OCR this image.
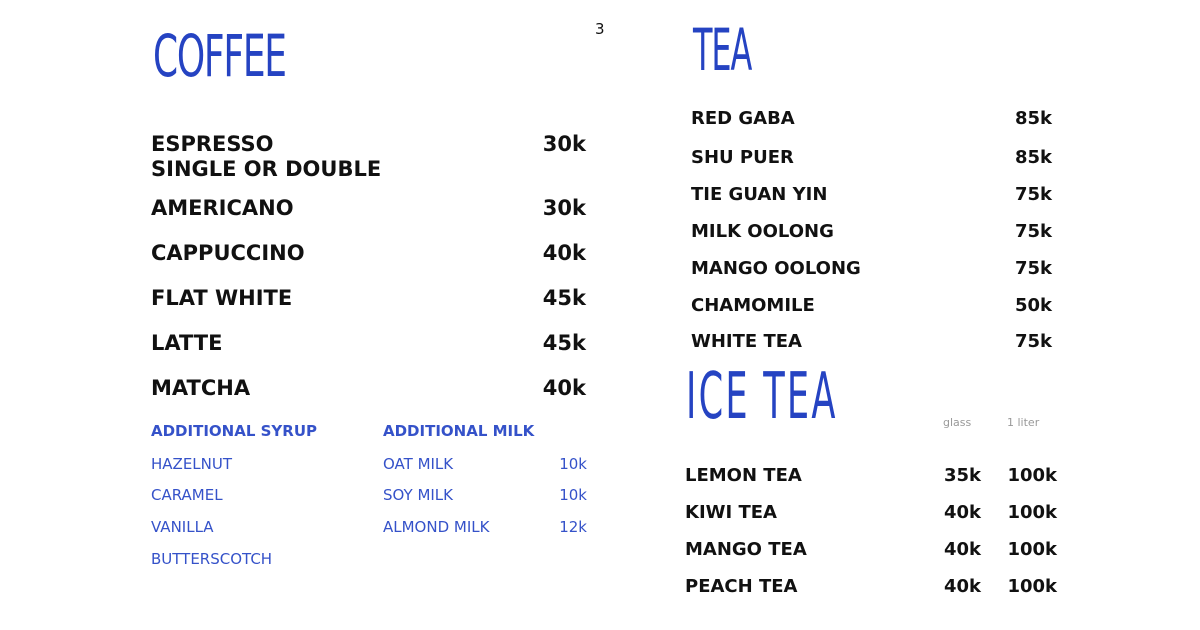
3
COFFEE
ESPRESSO	30k
SINGLE OR DOUBLE
AMERICANO	30k
CAPPUCCINO	40k
FLAT WHITE	45k
LATTE	45k
MATCHA	40k
ADDITIONAL SYRUP
HAZELNUT
CARAMEL
VANILLA
BUTTERSCOTCH
ADDITIONAL MILK
OAT MILK	10k
SOY MILK	10k
ALMOND MILK	12k
TEA
RED GABA	85k
SHU PUER	85k
TIE GUAN YIN	75k
MILK OOLONG	75k
MANGO OOLONG	75k
CHAMOMILE	50k
WHITE TEA	75k
ICE TEA	glass	1 liter
LEMON TEA	35k	100k
KIWI TEA	40k	100k
MANGO TEA	40k	100k
PEACH TEA	40k	100k
